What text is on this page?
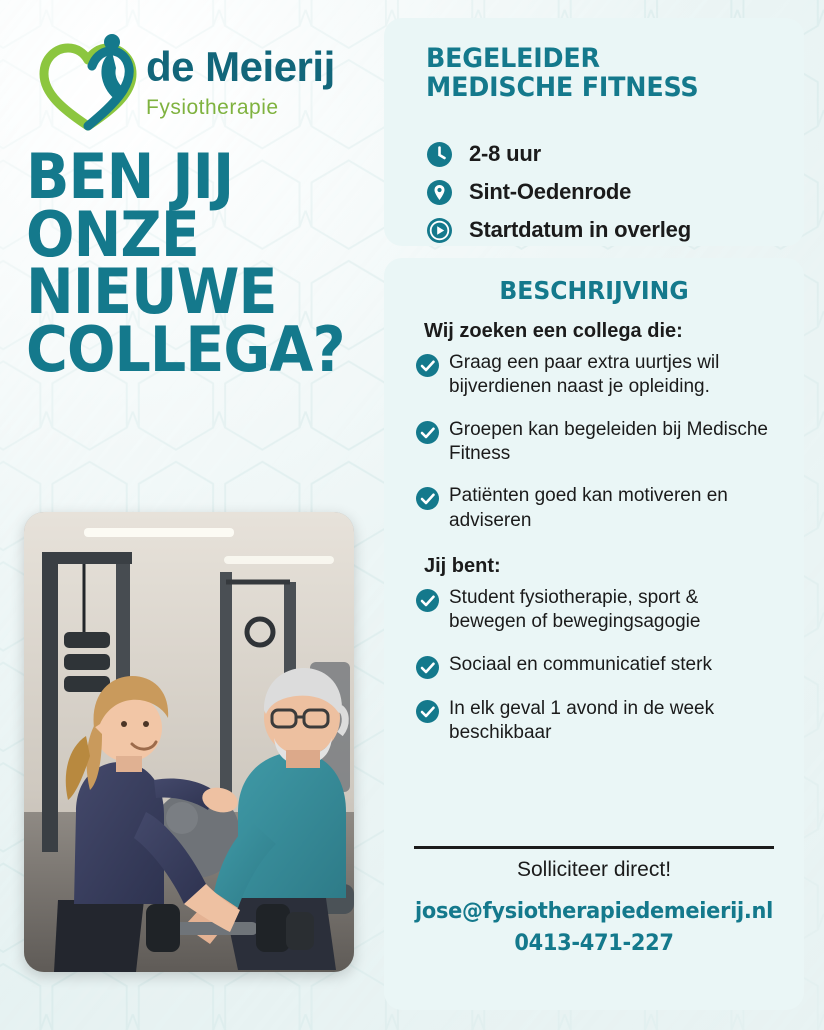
de Meierij
Fysiotherapie
BEN JIJ
ONZE
NIEUWE
COLLEGA?
BEGELEIDER
MEDISCHE FITNESS
2-8 uur
Sint-Oedenrode
Startdatum in overleg
BESCHRIJVING

Wij zoeken een collega die:

Graag een paar extra uurtjes wil bijverdienen naast je opleiding.
Groepen kan begeleiden bij Medische Fitness
Patiënten goed kan motiveren en adviseren

Jij bent:

Student fysiotherapie, sport & bewegen of bewegingsagogie
Sociaal en communicatief sterk
In elk geval 1 avond in de week beschikbaar
Solliciteer direct!
jose@fysiotherapiedemeierij.nl
0413-471-227
